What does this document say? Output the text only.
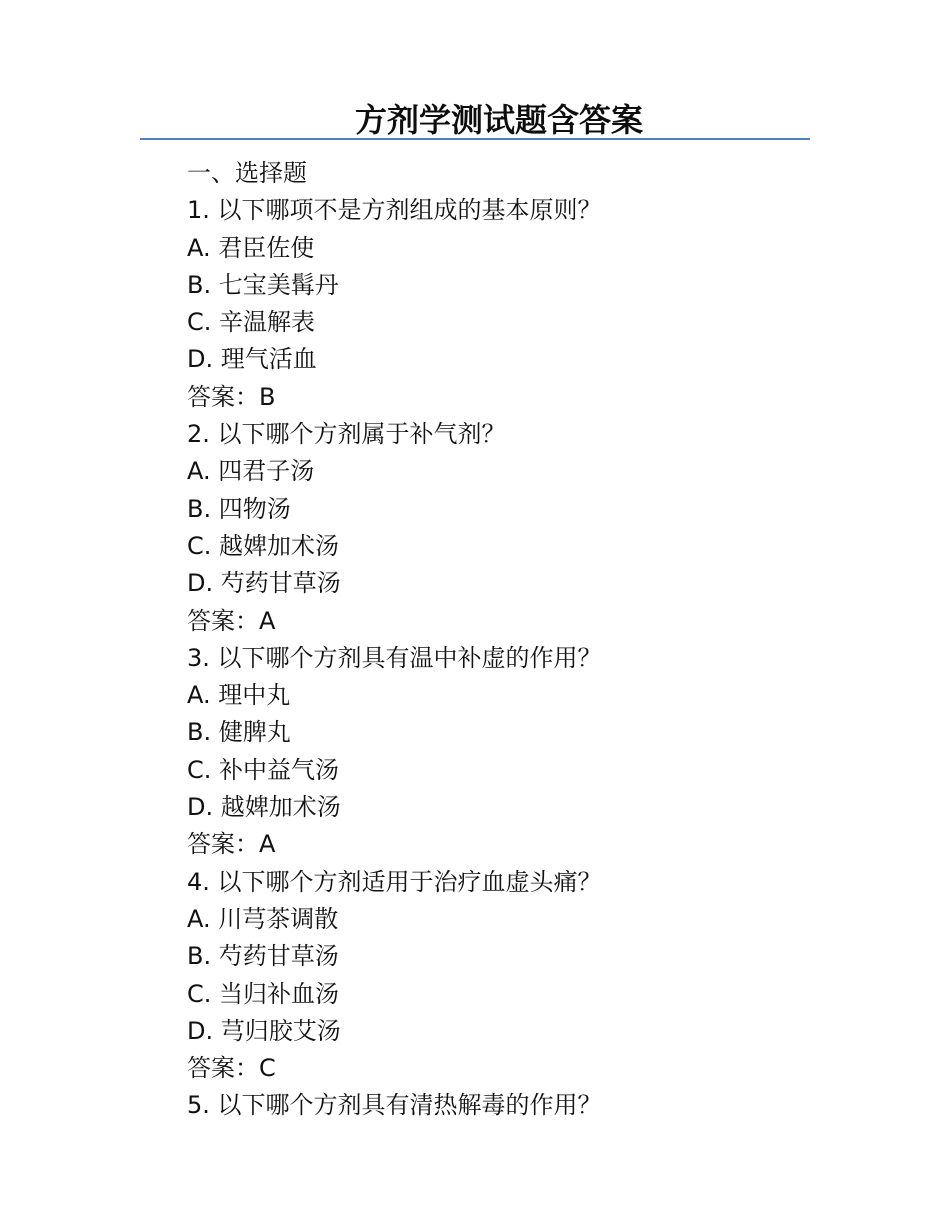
方剂学测试题含答案
一、选择题
1. 以下哪项不是方剂组成的基本原则？
A. 君臣佐使
B. 七宝美髯丹
C. 辛温解表
D. 理气活血
答案：B
2. 以下哪个方剂属于补气剂？
A. 四君子汤
B. 四物汤
C. 越婢加术汤
D. 芍药甘草汤
答案：A
3. 以下哪个方剂具有温中补虚的作用？
A. 理中丸
B. 健脾丸
C. 补中益气汤
D. 越婢加术汤
答案：A
4. 以下哪个方剂适用于治疗血虚头痛？
A. 川芎茶调散
B. 芍药甘草汤
C. 当归补血汤
D. 芎归胶艾汤
答案：C
5. 以下哪个方剂具有清热解毒的作用？
